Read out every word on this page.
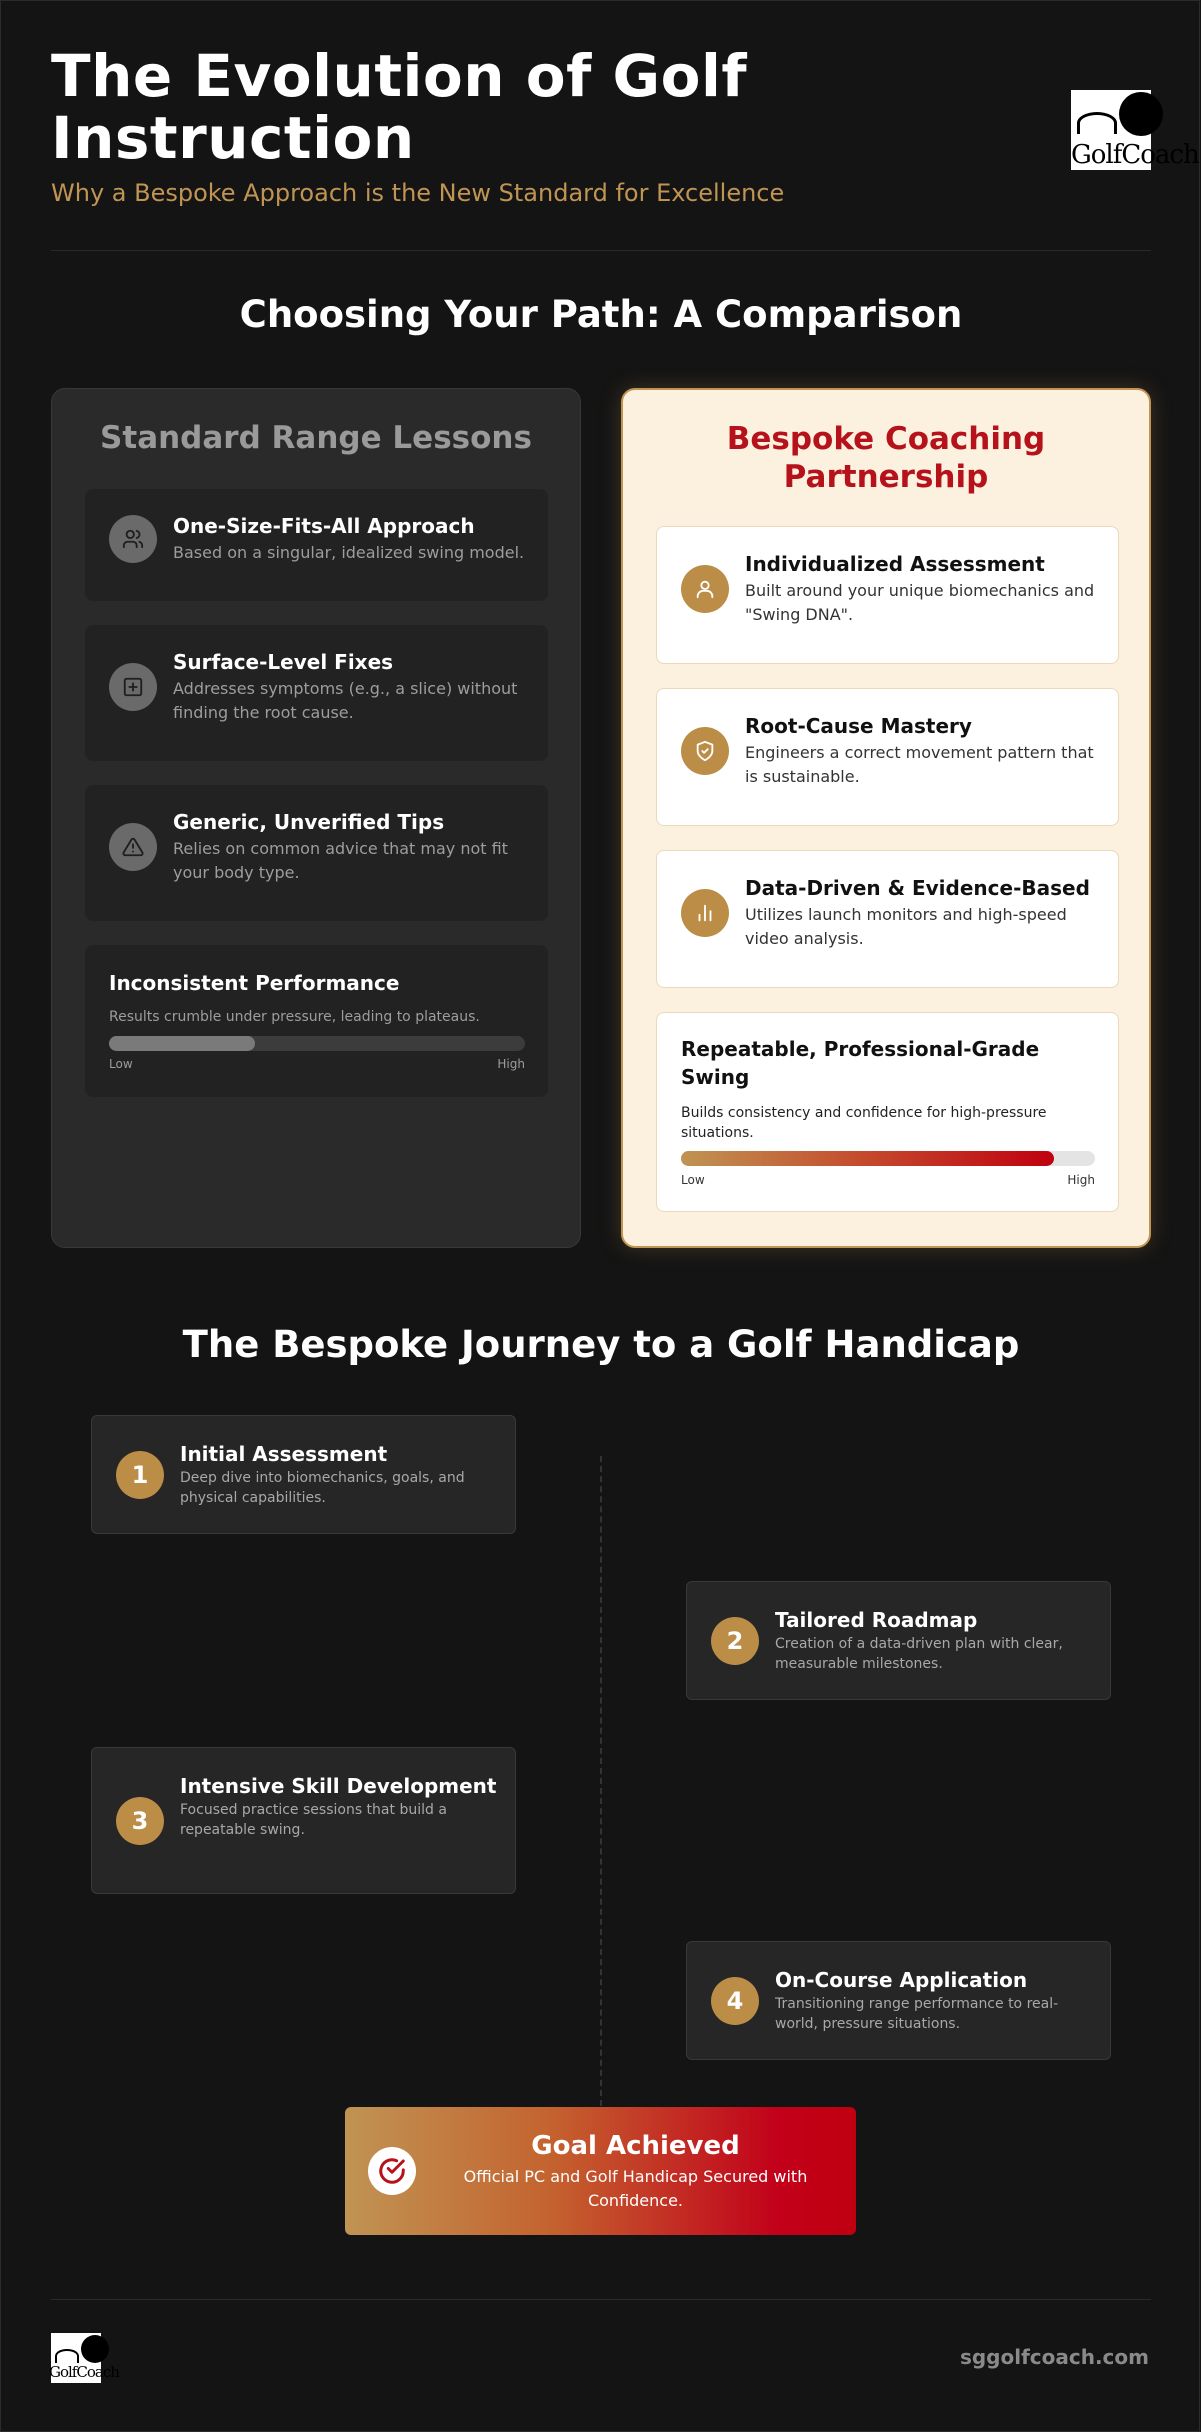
The Evolution of Golf Instruction
Why a Bespoke Approach is the New Standard for Excellence
GolfCoach
Choosing Your Path: A Comparison
Standard Range Lessons
One-Size-Fits-All Approach
Based on a singular, idealized swing model.
Surface-Level Fixes
Addresses symptoms (e.g., a slice) without finding the root cause.
Generic, Unverified Tips
Relies on common advice that may not fit your body type.
Inconsistent Performance
Results crumble under pressure, leading to plateaus.
Low	High
Bespoke Coaching Partnership
Individualized Assessment
Built around your unique biomechanics and "Swing DNA".
Root-Cause Mastery
Engineers a correct movement pattern that is sustainable.
Data-Driven & Evidence-Based
Utilizes launch monitors and high-speed video analysis.
Repeatable, Professional-Grade Swing
Builds consistency and confidence for high-pressure situations.
Low	High
The Bespoke Journey to a Golf Handicap
1
Initial Assessment
Deep dive into biomechanics, goals, and physical capabilities.
2
Tailored Roadmap
Creation of a data-driven plan with clear, measurable milestones.
3
Intensive Skill Development
Focused practice sessions that build a repeatable swing.
4
On-Course Application
Transitioning range performance to real-world, pressure situations.
Goal Achieved
Official PC and Golf Handicap Secured with Confidence.
GolfCoach
sggolfcoach.com
